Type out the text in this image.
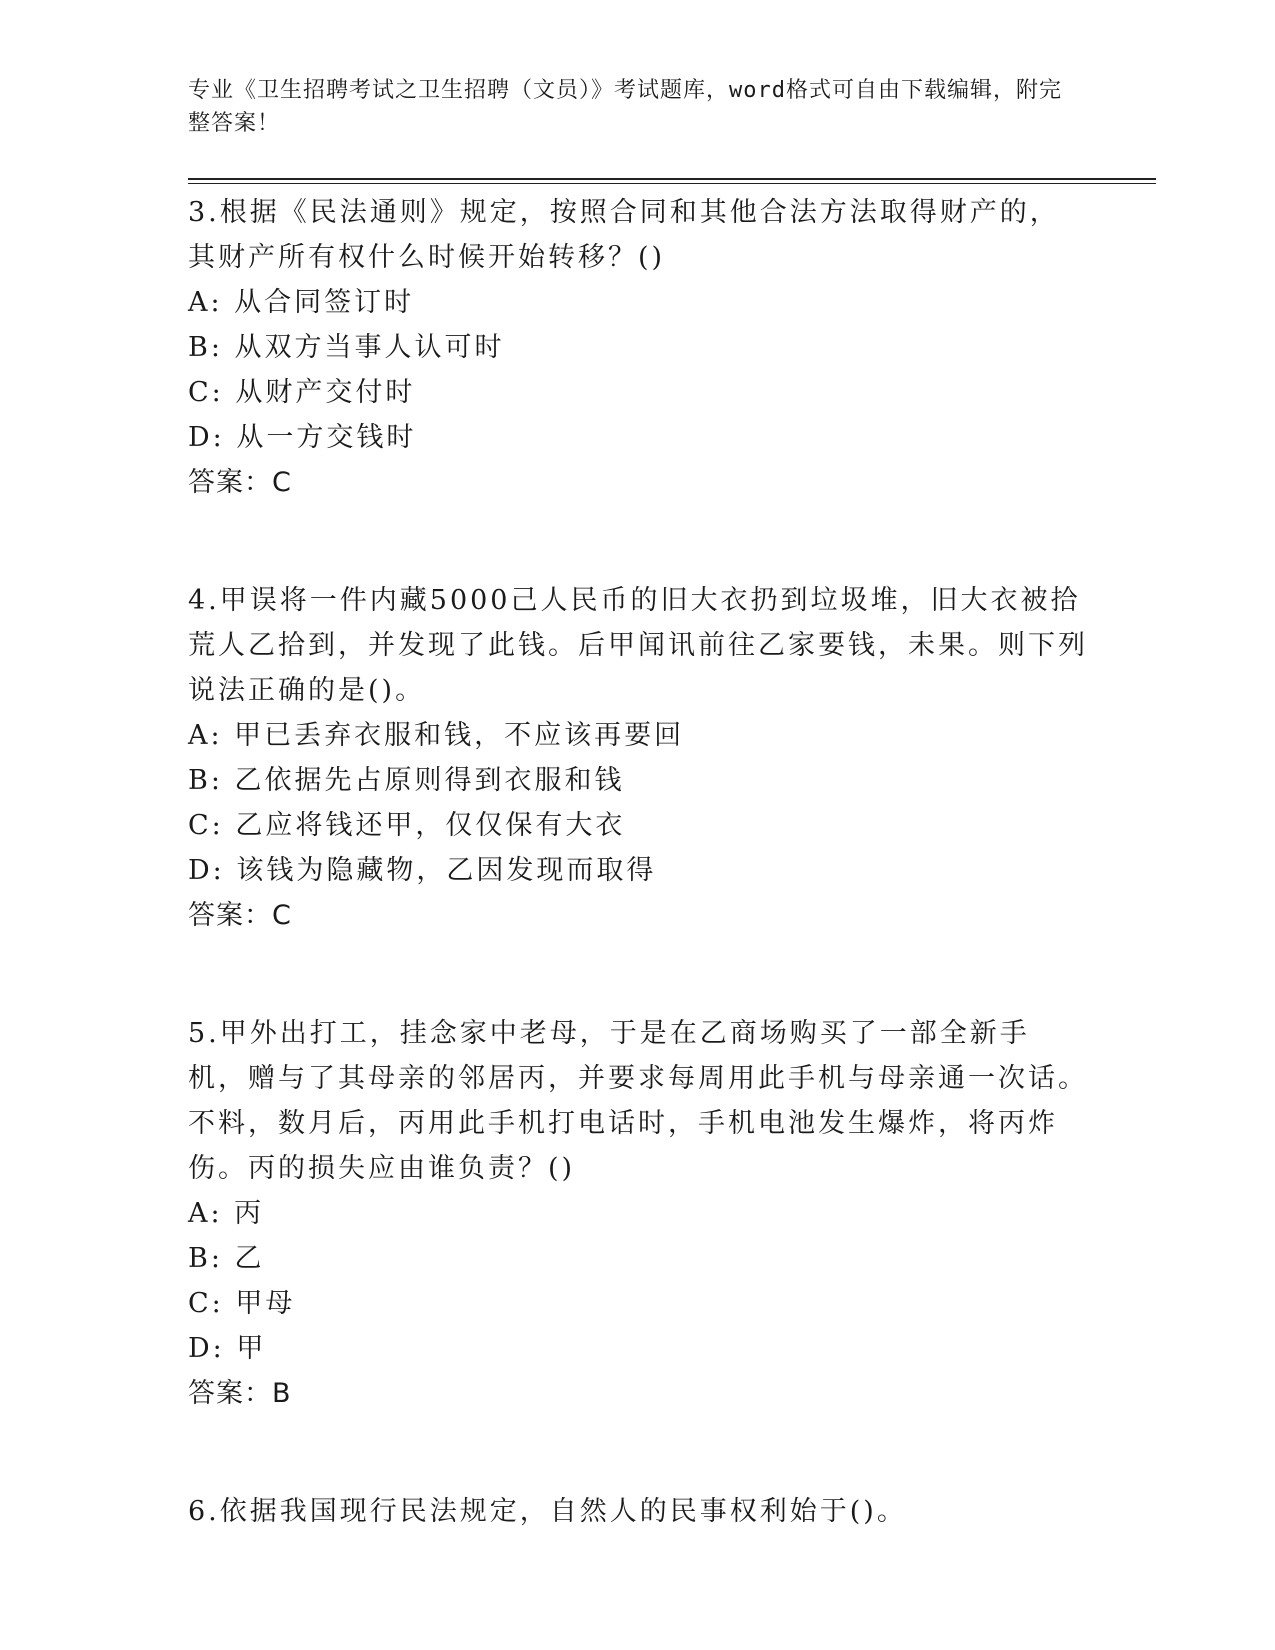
专业《卫生招聘考试之卫生招聘（文员）》考试题库，word格式可自由下载编辑，附完整答案！

3.根据《民法通则》规定，按照合同和其他合法方法取得财产的，其财产所有权什么时候开始转移？()

A: 从合同签订时

B: 从双方当事人认可时

C: 从财产交付时

D: 从一方交钱时

答案：C

4.甲误将一件内藏5000己人民币的旧大衣扔到垃圾堆，旧大衣被拾荒人乙拾到，并发现了此钱。后甲闻讯前往乙家要钱，未果。则下列说法正确的是()。

A: 甲已丢弃衣服和钱，不应该再要回

B: 乙依据先占原则得到衣服和钱

C: 乙应将钱还甲，仅仅保有大衣

D: 该钱为隐藏物，乙因发现而取得

答案：C

5.甲外出打工，挂念家中老母，于是在乙商场购买了一部全新手机，赠与了其母亲的邻居丙，并要求每周用此手机与母亲通一次话。不料，数月后，丙用此手机打电话时，手机电池发生爆炸，将丙炸伤。丙的损失应由谁负责？()

A: 丙

B: 乙

C: 甲母

D: 甲

答案：B

6.依据我国现行民法规定，自然人的民事权利始于()。
